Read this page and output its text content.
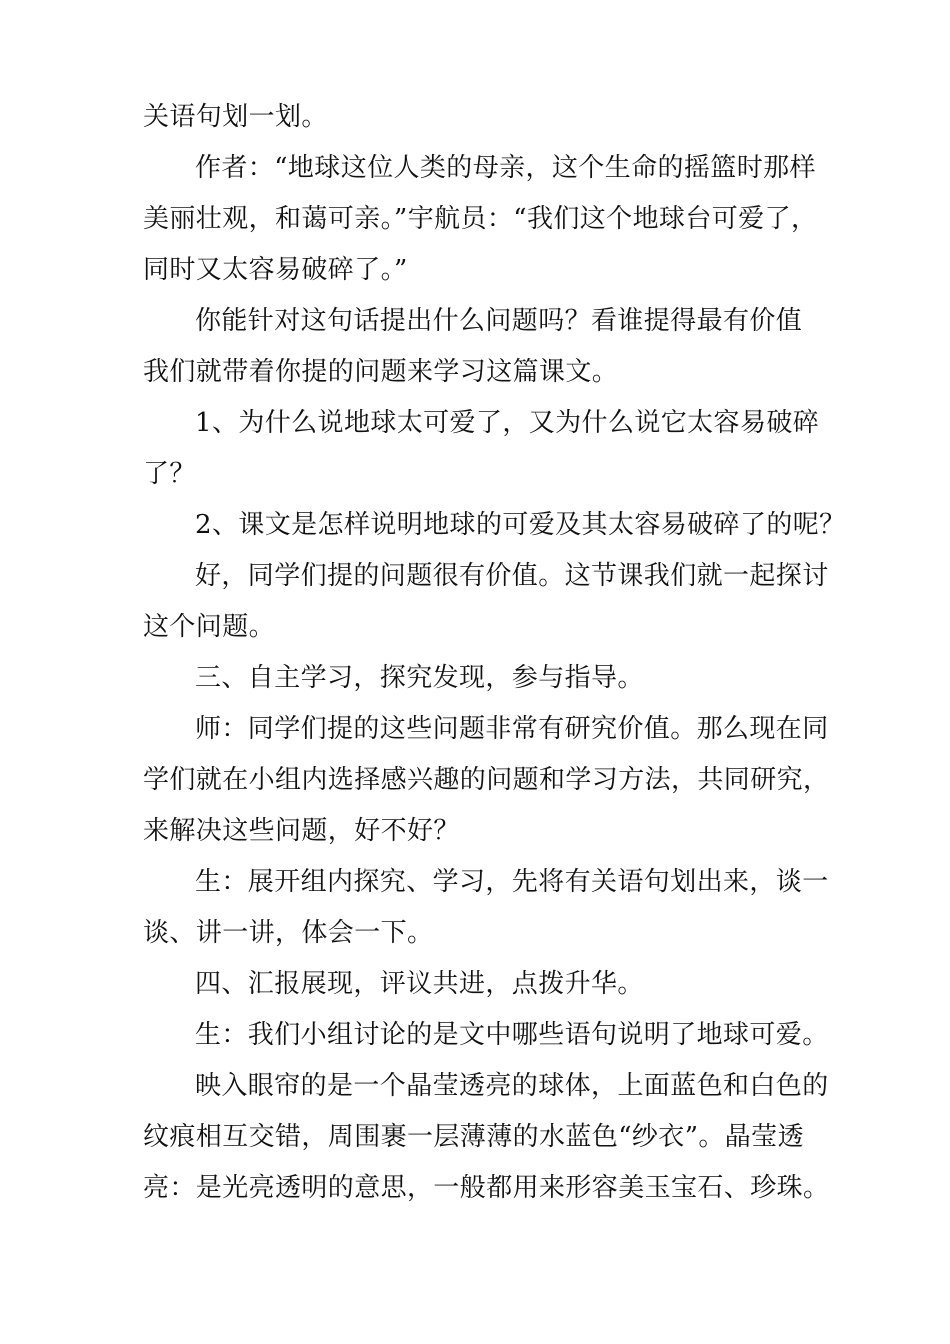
关语句划一划。
作者：“地球这位人类的母亲，这个生命的摇篮时那样
美丽壮观，和蔼可亲。”宇航员：“我们这个地球台可爱了，
同时又太容易破碎了。”
你能针对这句话提出什么问题吗？看谁提得最有价值
我们就带着你提的问题来学习这篇课文。
1、为什么说地球太可爱了，又为什么说它太容易破碎
了？
2、课文是怎样说明地球的可爱及其太容易破碎了的呢？
好，同学们提的问题很有价值。这节课我们就一起探讨
这个问题。
三、自主学习，探究发现，参与指导。
师：同学们提的这些问题非常有研究价值。那么现在同
学们就在小组内选择感兴趣的问题和学习方法，共同研究，
来解决这些问题，好不好？
生：展开组内探究、学习，先将有关语句划出来，谈一
谈、讲一讲，体会一下。
四、汇报展现，评议共进，点拨升华。
生：我们小组讨论的是文中哪些语句说明了地球可爱。
映入眼帘的是一个晶莹透亮的球体，上面蓝色和白色的
纹痕相互交错，周围裹一层薄薄的水蓝色“纱衣”。晶莹透
亮：是光亮透明的意思，一般都用来形容美玉宝石、珍珠。
